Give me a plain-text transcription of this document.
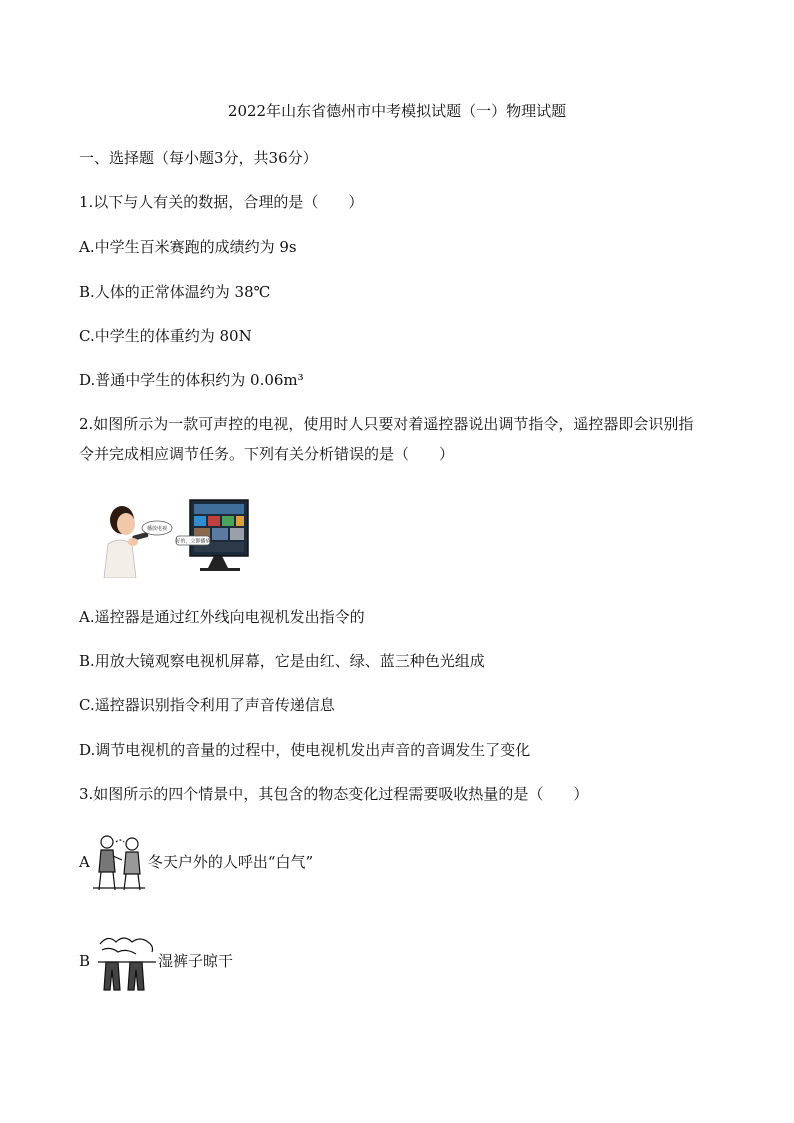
2022年山东省德州市中考模拟试题（一）物理试题
一、选择题（每小题3分，共36分）
1.以下与人有关的数据，合理的是（　　）
A.中学生百米赛跑的成绩约为 9s
B.人体的正常体温约为 38℃
C.中学生的体重约为 80N
D.普通中学生的体积约为 0.06m³
2.如图所示为一款可声控的电视，使用时人只要对着遥控器说出调节指令，遥控器即会识别指
令并完成相应调节任务。下列有关分析错误的是（　　）
播放电视
好的，立即播放
A.遥控器是通过红外线向电视机发出指令的
B.用放大镜观察电视机屏幕，它是由红、绿、蓝三种色光组成
C.遥控器识别指令利用了声音传递信息
D.调节电视机的音量的过程中，使电视机发出声音的音调发生了变化
3.如图所示的四个情景中，其包含的物态变化过程需要吸收热量的是（　　）
A	冬天户外的人呼出“白气”
B	湿裤子晾干
